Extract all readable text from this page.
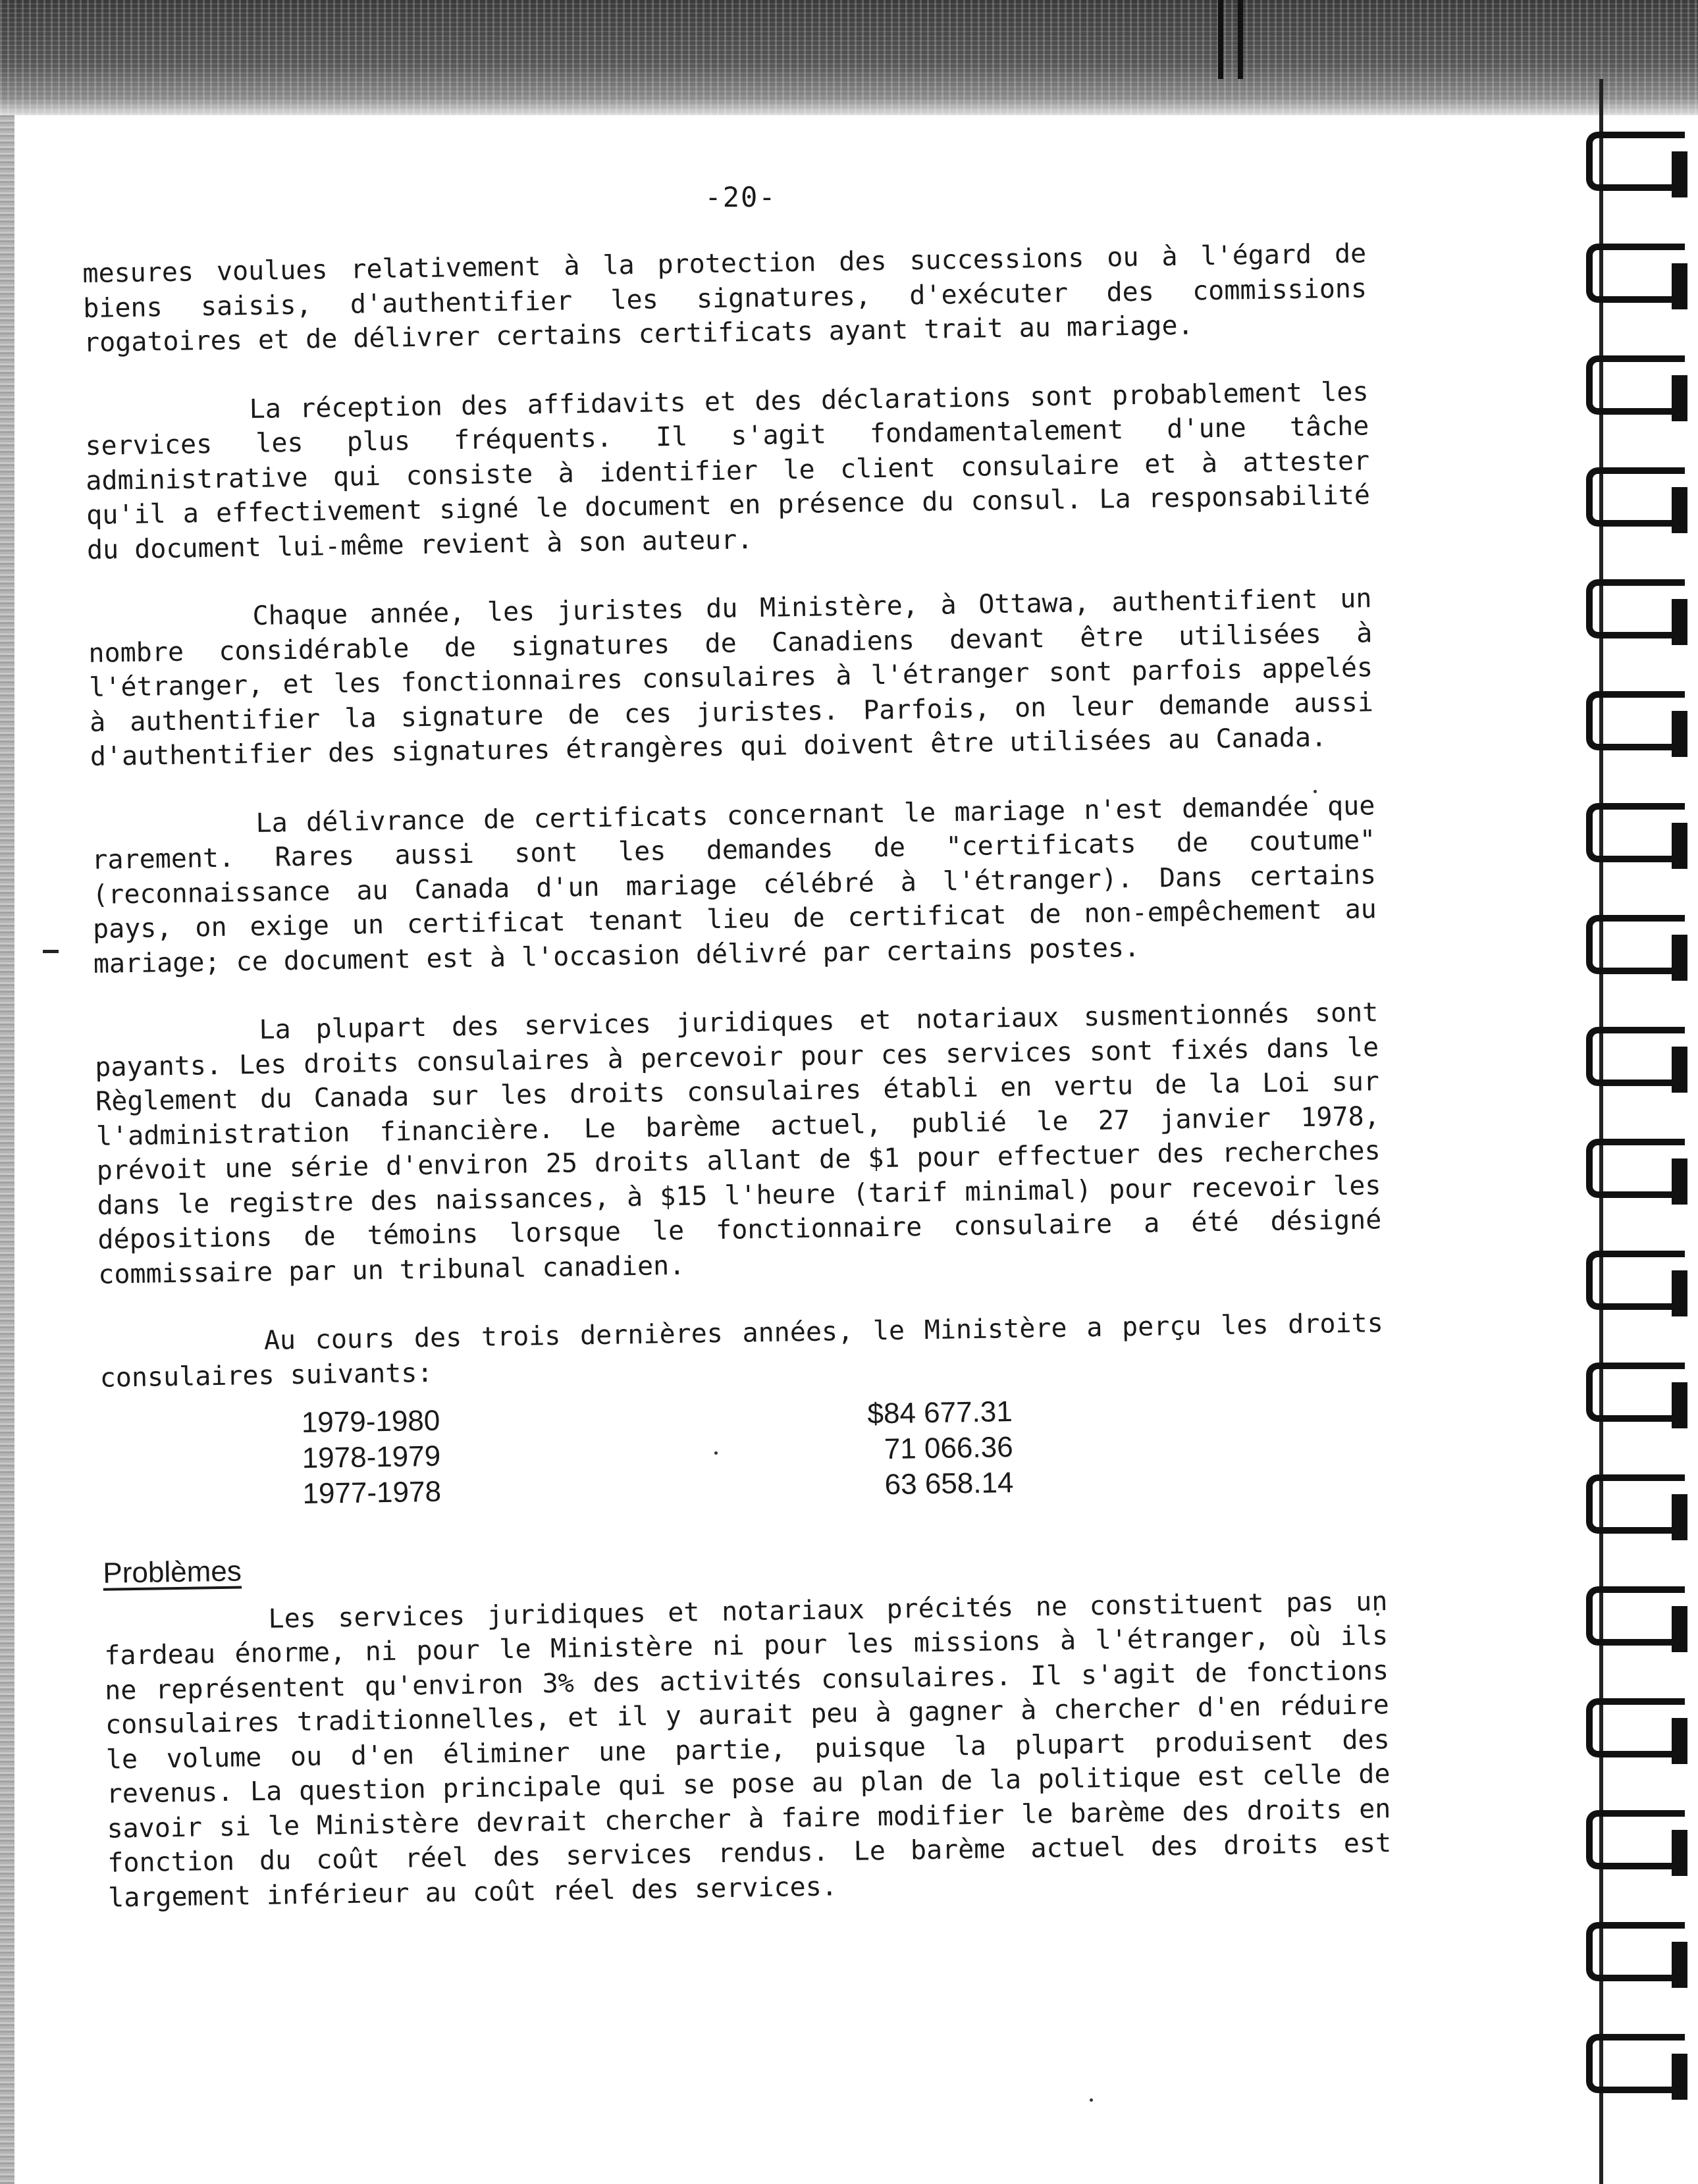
-20-

mesures voulues relativement à la protection des successions ou à l'égard de biens saisis, d'authentifier les signatures, d'exécuter des commissions rogatoires et de délivrer certains certificats ayant trait au mariage.

La réception des affidavits et des déclarations sont probablement les services les plus fréquents. Il s'agit fondamentalement d'une tâche administrative qui consiste à identifier le client consulaire et à attester qu'il a effectivement signé le document en présence du consul. La responsabilité du document lui-même revient à son auteur.

Chaque année, les juristes du Ministère, à Ottawa, authentifient un nombre considérable de signatures de Canadiens devant être utilisées à l'étranger, et les fonctionnaires consulaires à l'étranger sont parfois appelés à authentifier la signature de ces juristes. Parfois, on leur demande aussi d'authentifier des signatures étrangères qui doivent être utilisées au Canada.

La délivrance de certificats concernant le mariage n'est demandée que rarement. Rares aussi sont les demandes de "certificats de coutume" (reconnaissance au Canada d'un mariage célébré à l'étranger). Dans certains pays, on exige un certificat tenant lieu de certificat de non-empêchement au mariage; ce document est à l'occasion délivré par certains postes.

La plupart des services juridiques et notariaux susmentionnés sont payants. Les droits consulaires à percevoir pour ces services sont fixés dans le Règlement du Canada sur les droits consulaires établi en vertu de la Loi sur l'administration financière. Le barème actuel, publié le 27 janvier 1978, prévoit une série d'environ 25 droits allant de $1 pour effectuer des recherches dans le registre des naissances, à $15 l'heure (tarif minimal) pour recevoir les dépositions de témoins lorsque le fonctionnaire consulaire a été désigné commissaire par un tribunal canadien.

Au cours des trois dernières années, le Ministère a perçu les droits consulaires suivants:

1979-1980	$84 677.31
1978-1979	71 066.36
1977-1978	63 658.14
Problèmes

Les services juridiques et notariaux précités ne constituent pas un fardeau énorme, ni pour le Ministère ni pour les missions à l'étranger, où ils ne représentent qu'environ 3% des activités consulaires. Il s'agit de fonctions consulaires traditionnelles, et il y aurait peu à gagner à chercher d'en réduire le volume ou d'en éliminer une partie, puisque la plupart produisent des revenus. La question principale qui se pose au plan de la politique est celle de savoir si le Ministère devrait chercher à faire modifier le barème des droits en fonction du coût réel des services rendus. Le barème actuel des droits est largement inférieur au coût réel des services.
